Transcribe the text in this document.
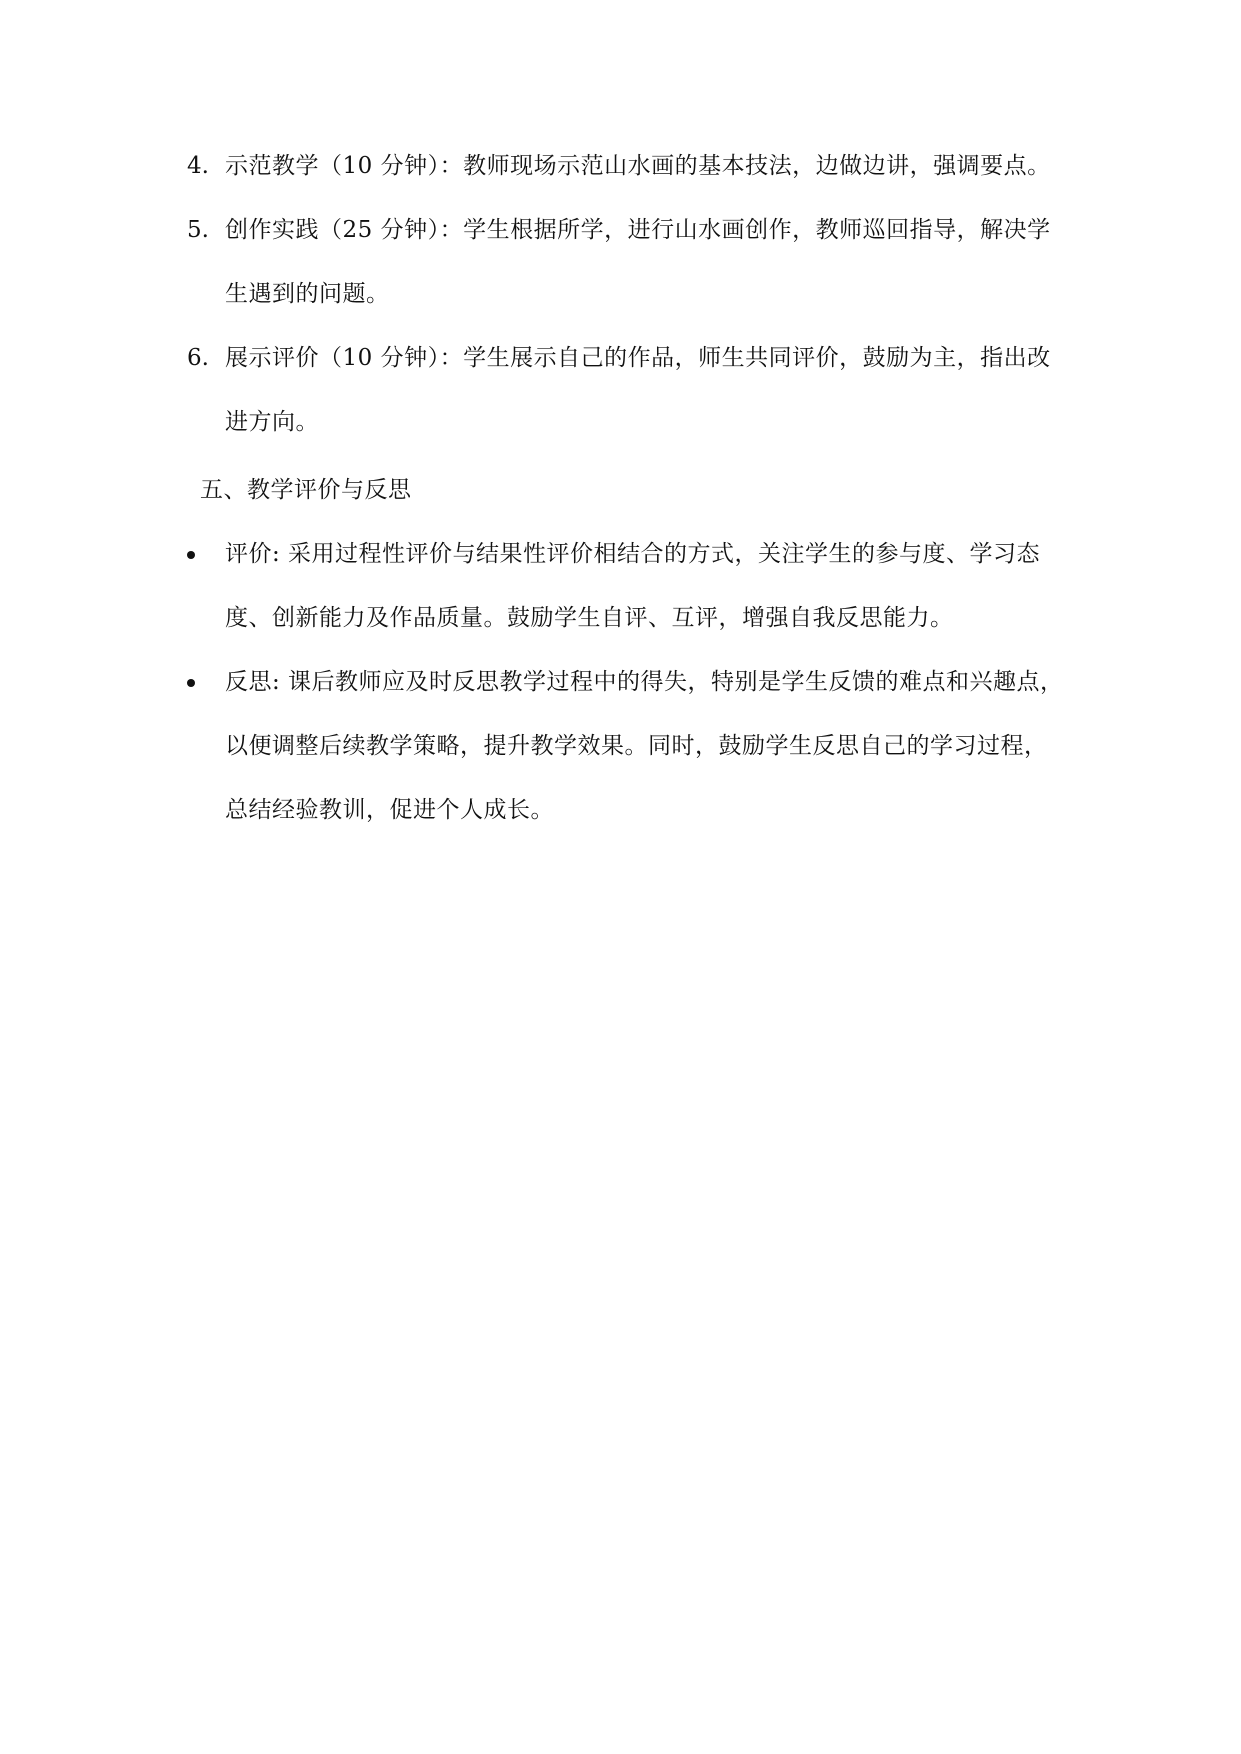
4. 示范教学（10 分钟）：教师现场示范山水画的基本技法，边做边讲，强调要点。

5. 创作实践（25 分钟）：学生根据所学，进行山水画创作，教师巡回指导，解决学
生遇到的问题。

6. 展示评价（10 分钟）：学生展示自己的作品，师生共同评价，鼓励为主，指出改
进方向。

五、教学评价与反思

评价: 采用过程性评价与结果性评价相结合的方式，关注学生的参与度、学习态
度、创新能力及作品质量。鼓励学生自评、互评，增强自我反思能力。

反思: 课后教师应及时反思教学过程中的得失，特别是学生反馈的难点和兴趣点，
以便调整后续教学策略，提升教学效果。同时，鼓励学生反思自己的学习过程，
总结经验教训，促进个人成长。
